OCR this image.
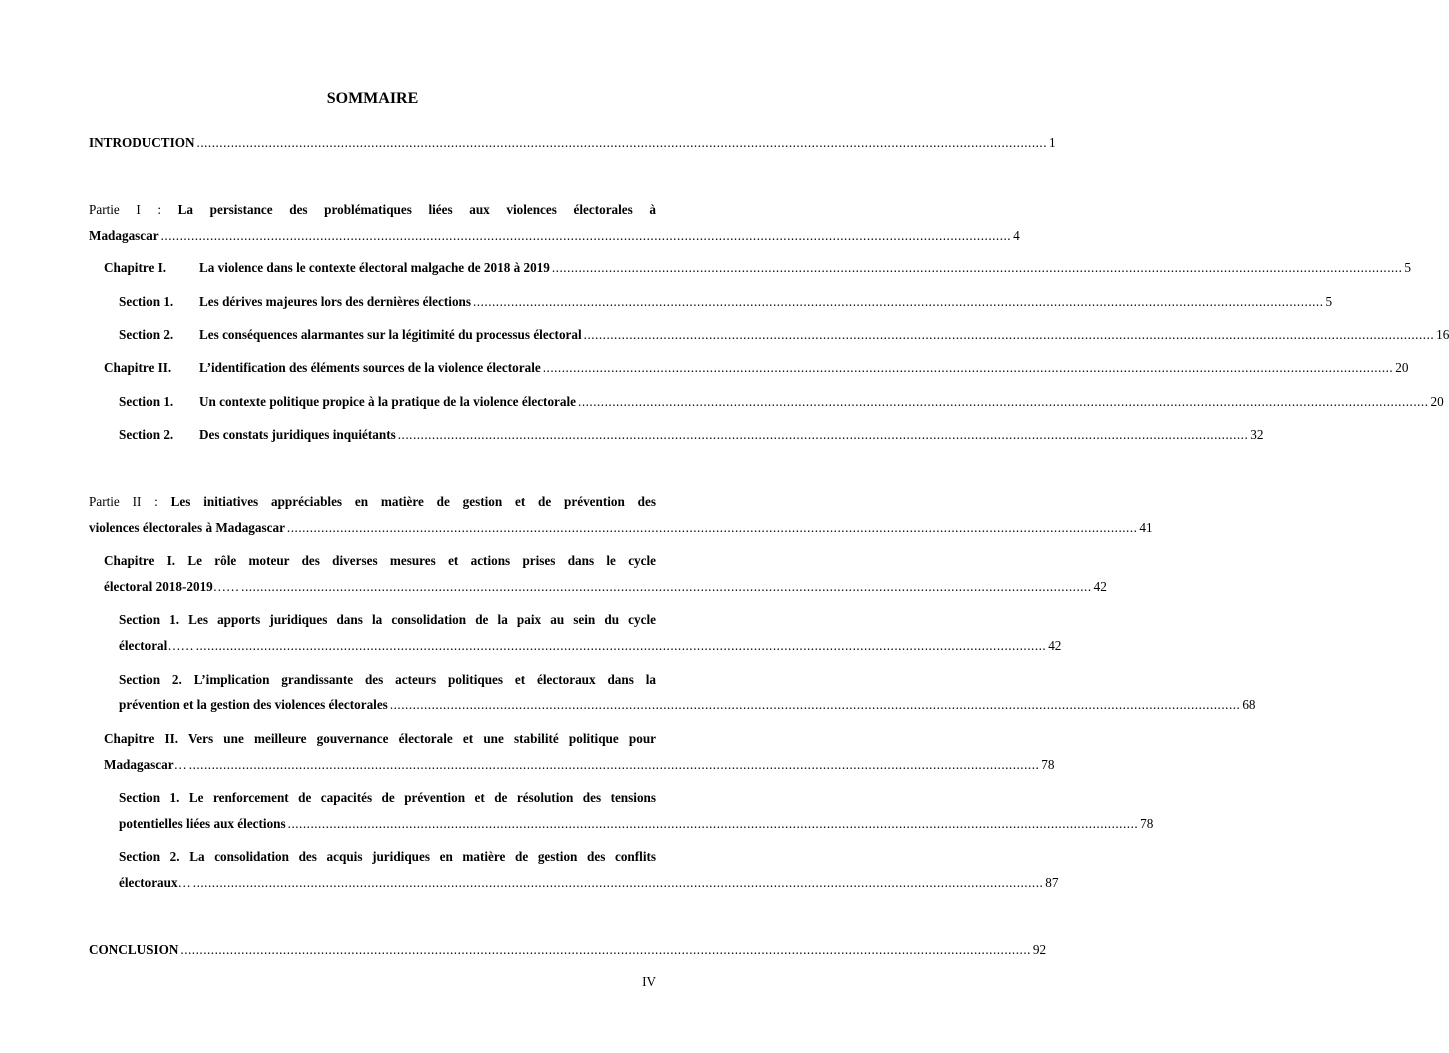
SOMMAIRE
INTRODUCTION .....	1
Partie I : La persistance des problématiques liées aux violences électorales à
Madagascar .....	4
Chapitre I.	La violence dans le contexte électoral malgache de 2018 à 2019 .....	5
Section 1.	Les dérives majeures lors des dernières élections .....	5
Section 2.	Les conséquences alarmantes sur la légitimité du processus électoral .....	16
Chapitre II.	L’identification des éléments sources de la violence électorale .....	20
Section 1.	Un contexte politique propice à la pratique de la violence électorale .....	20
Section 2.	Des constats juridiques inquiétants .....	32
Partie II : Les initiatives appréciables en matière de gestion et de prévention des
violences électorales à Madagascar .....	41
Chapitre I. Le rôle moteur des diverses mesures et actions prises dans le cycle
électoral 2018-2019 …… .....	42
Section 1. Les apports juridiques dans la consolidation de la paix au sein du cycle
électoral …… .....	42
Section 2. L’implication grandissante des acteurs politiques et électoraux dans la
prévention et la gestion des violences électorales .....	68
Chapitre II. Vers une meilleure gouvernance électorale et une stabilité politique pour
Madagascar … .....	78
Section 1. Le renforcement de capacités de prévention et de résolution des tensions
potentielles liées aux élections .....	78
Section 2. La consolidation des acquis juridiques en matière de gestion des conflits
électoraux … .....	87
CONCLUSION .....	92
IV
